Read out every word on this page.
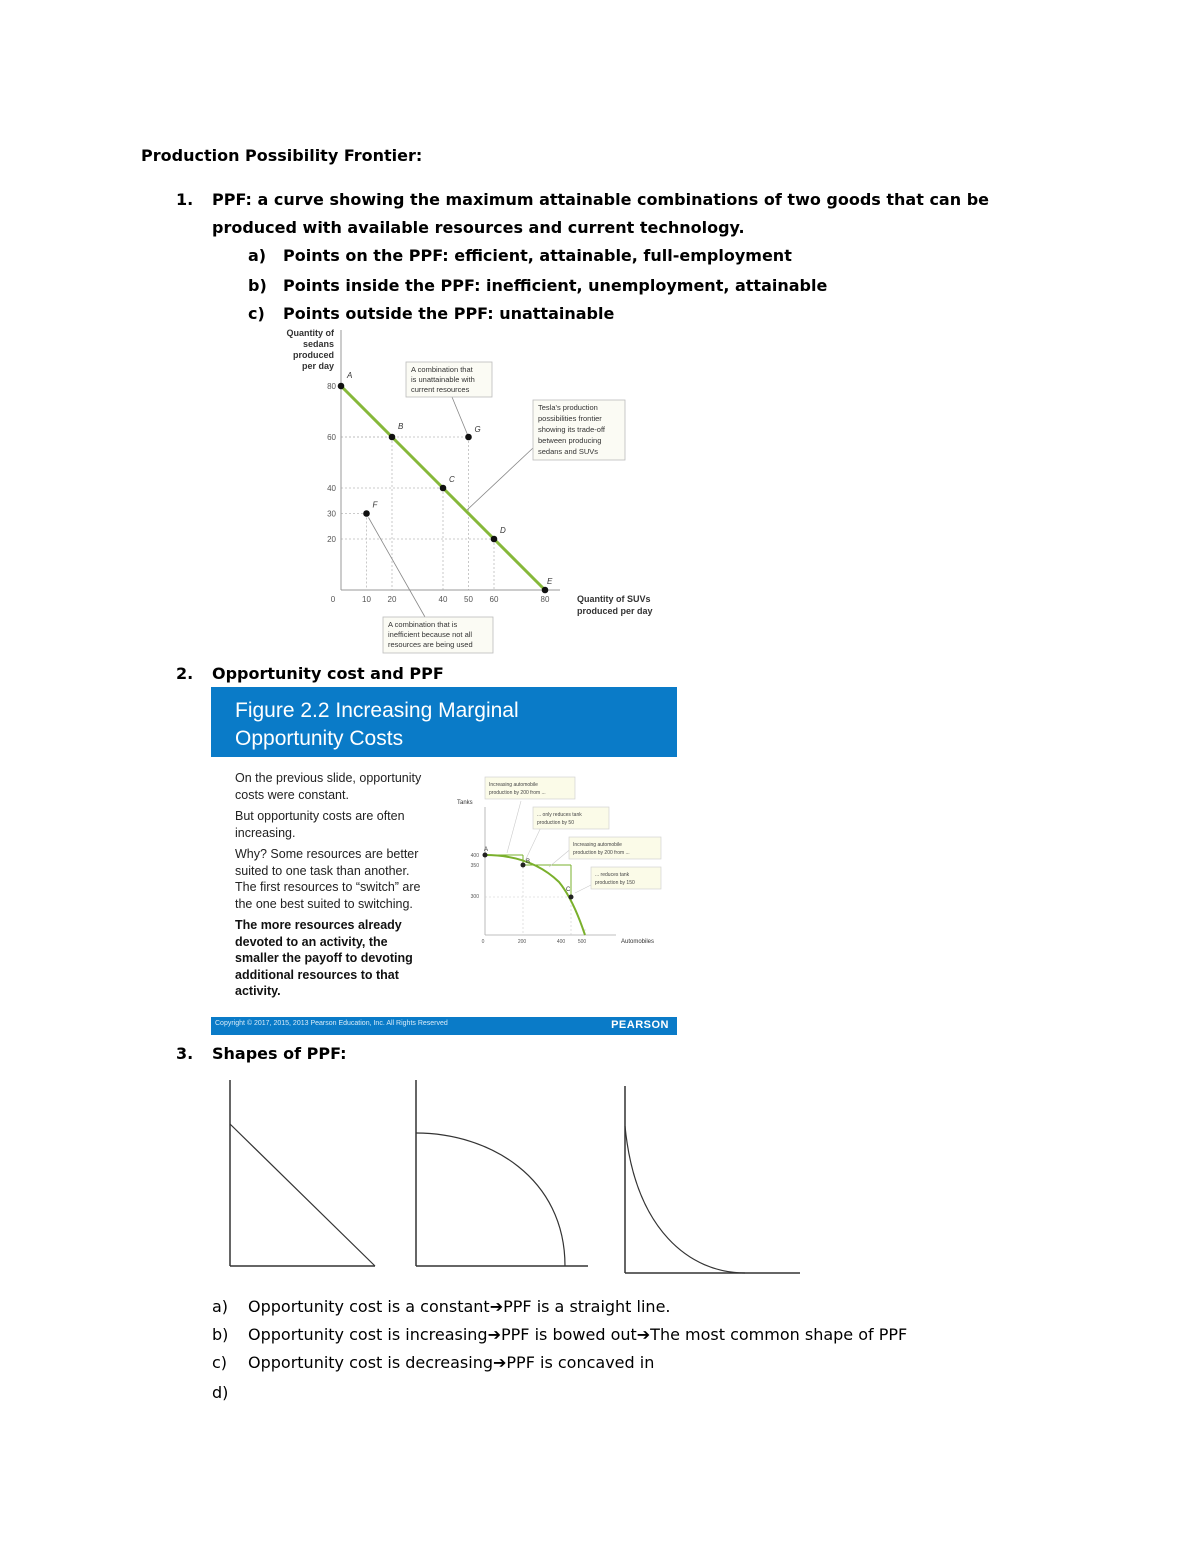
Production Possibility Frontier:
1. PPF: a curve showing the maximum attainable combinations of two goods that can be
produced with available resources and current technology.
a) Points on the PPF: efficient, attainable, full-employment
b) Points inside the PPF: inefficient, unemployment, attainable
c) Points outside the PPF: unattainable
Quantity of
sedans
produced
per day
Quantity of SUVs
produced per day
80
60
40
30
20
0	10 20	40 50 60	80
A
B
C
D
E
F
G
A combination that
is unattainable with
current resources
Tesla's production
possibilities frontier
showing its trade-off
between producing
sedans and SUVs
A combination that is
inefficient because not all
resources are being used
2. Opportunity cost and PPF
Figure 2.2 Increasing Marginal
Opportunity Costs
On the previous slide, opportunity
costs were constant.
But opportunity costs are often
increasing.
Why? Some resources are better
suited to one task than another.
The first resources to “switch” are
the one best suited to switching.
The more resources already
devoted to an activity, the
smaller the payoff to devoting
additional resources to that
activity.
Tanks
Automobiles
A
B
C
400
350
300
0	200	400	500
Increasing automobile
production by 200 from ...
... only reduces tank
production by 50
Increasing automobile
production by 200 from ...
... reduces tank
production by 150
Copyright © 2017, 2015, 2013 Pearson Education, Inc. All Rights Reserved	PEARSON
3. Shapes of PPF:
a) Opportunity cost is a constant➔PPF is a straight line.
b) Opportunity cost is increasing➔PPF is bowed out➔The most common shape of PPF
c) Opportunity cost is decreasing➔PPF is concaved in
d)
